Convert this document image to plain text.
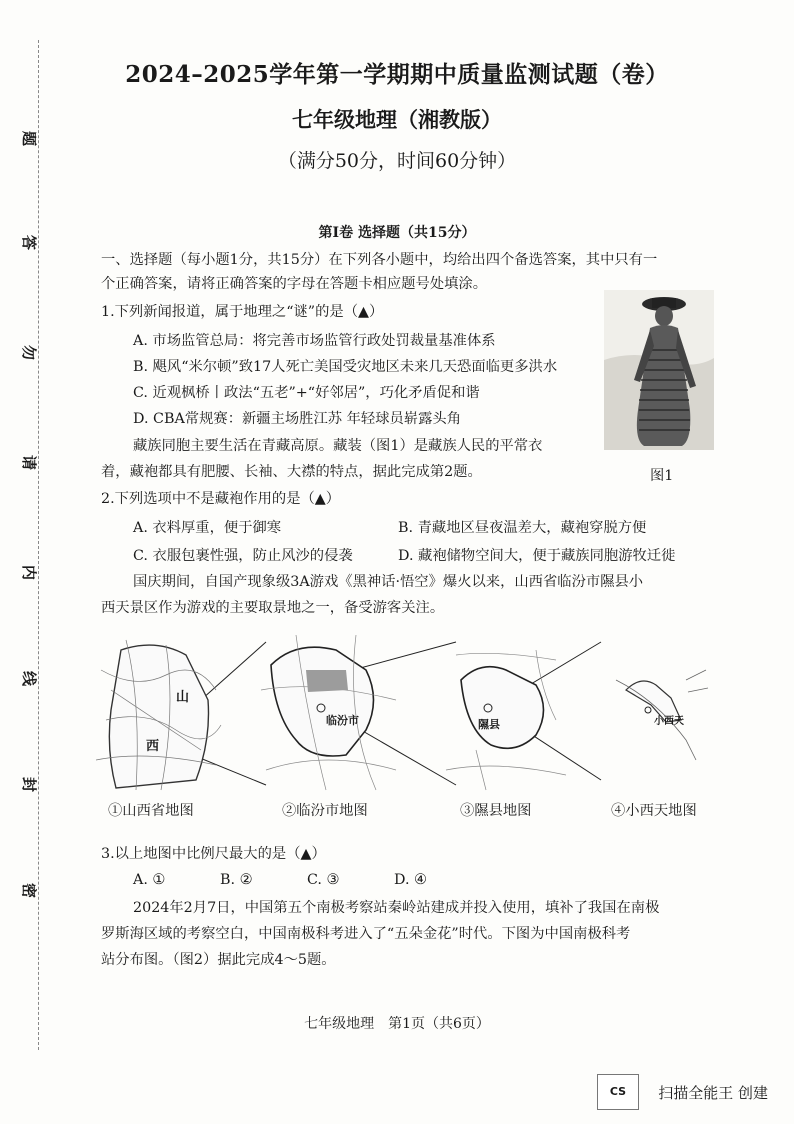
题
答
勿
请
内
线
封
密
2024–2025学年第一学期期中质量监测试题（卷）
七年级地理（湘教版）
（满分50分，时间60分钟）
第Ⅰ卷 选择题（共15分）
一、选择题（每小题1分，共15分）在下列各小题中，均给出四个备选答案，其中只有一
个正确答案，请将正确答案的字母在答题卡相应题号处填涂。
1.下列新闻报道，属于地理之“谜”的是（▲）
A. 市场监管总局：将完善市场监管行政处罚裁量基准体系
B. 飓风“米尔顿”致17人死亡美国受灾地区未来几天恐面临更多洪水
C. 近观枫桥丨政法“五老”+“好邻居”，巧化矛盾促和谐
D. CBA常规赛：新疆主场胜江苏 年轻球员崭露头角
藏族同胞主要生活在青藏高原。藏装（图1）是藏族人民的平常衣
着，藏袍都具有肥腰、长袖、大襟的特点，据此完成第2题。	图1
2.下列选项中不是藏袍作用的是（▲）
A. 衣料厚重，便于御寒	B. 青藏地区昼夜温差大，藏袍穿脱方便
C. 衣服包裹性强，防止风沙的侵袭	D. 藏袍储物空间大，便于藏族同胞游牧迁徙
国庆期间，自国产现象级3A游戏《黑神话·悟空》爆火以来，山西省临汾市隰县小
西天景区作为游戏的主要取景地之一，备受游客关注。
山
西
临汾市	隰县	小西天
①山西省地图	②临汾市地图	③隰县地图	④小西天地图
3.以上地图中比例尺最大的是（▲）
A. ①	B. ②	C. ③	D. ④
2024年2月7日，中国第五个南极考察站秦岭站建成并投入使用，填补了我国在南极
罗斯海区域的考察空白，中国南极科考进入了“五朵金花”时代。下图为中国南极科考
站分布图。（图2）据此完成4～5题。
七年级地理　第1页（共6页）
CS	扫描全能王 创建
